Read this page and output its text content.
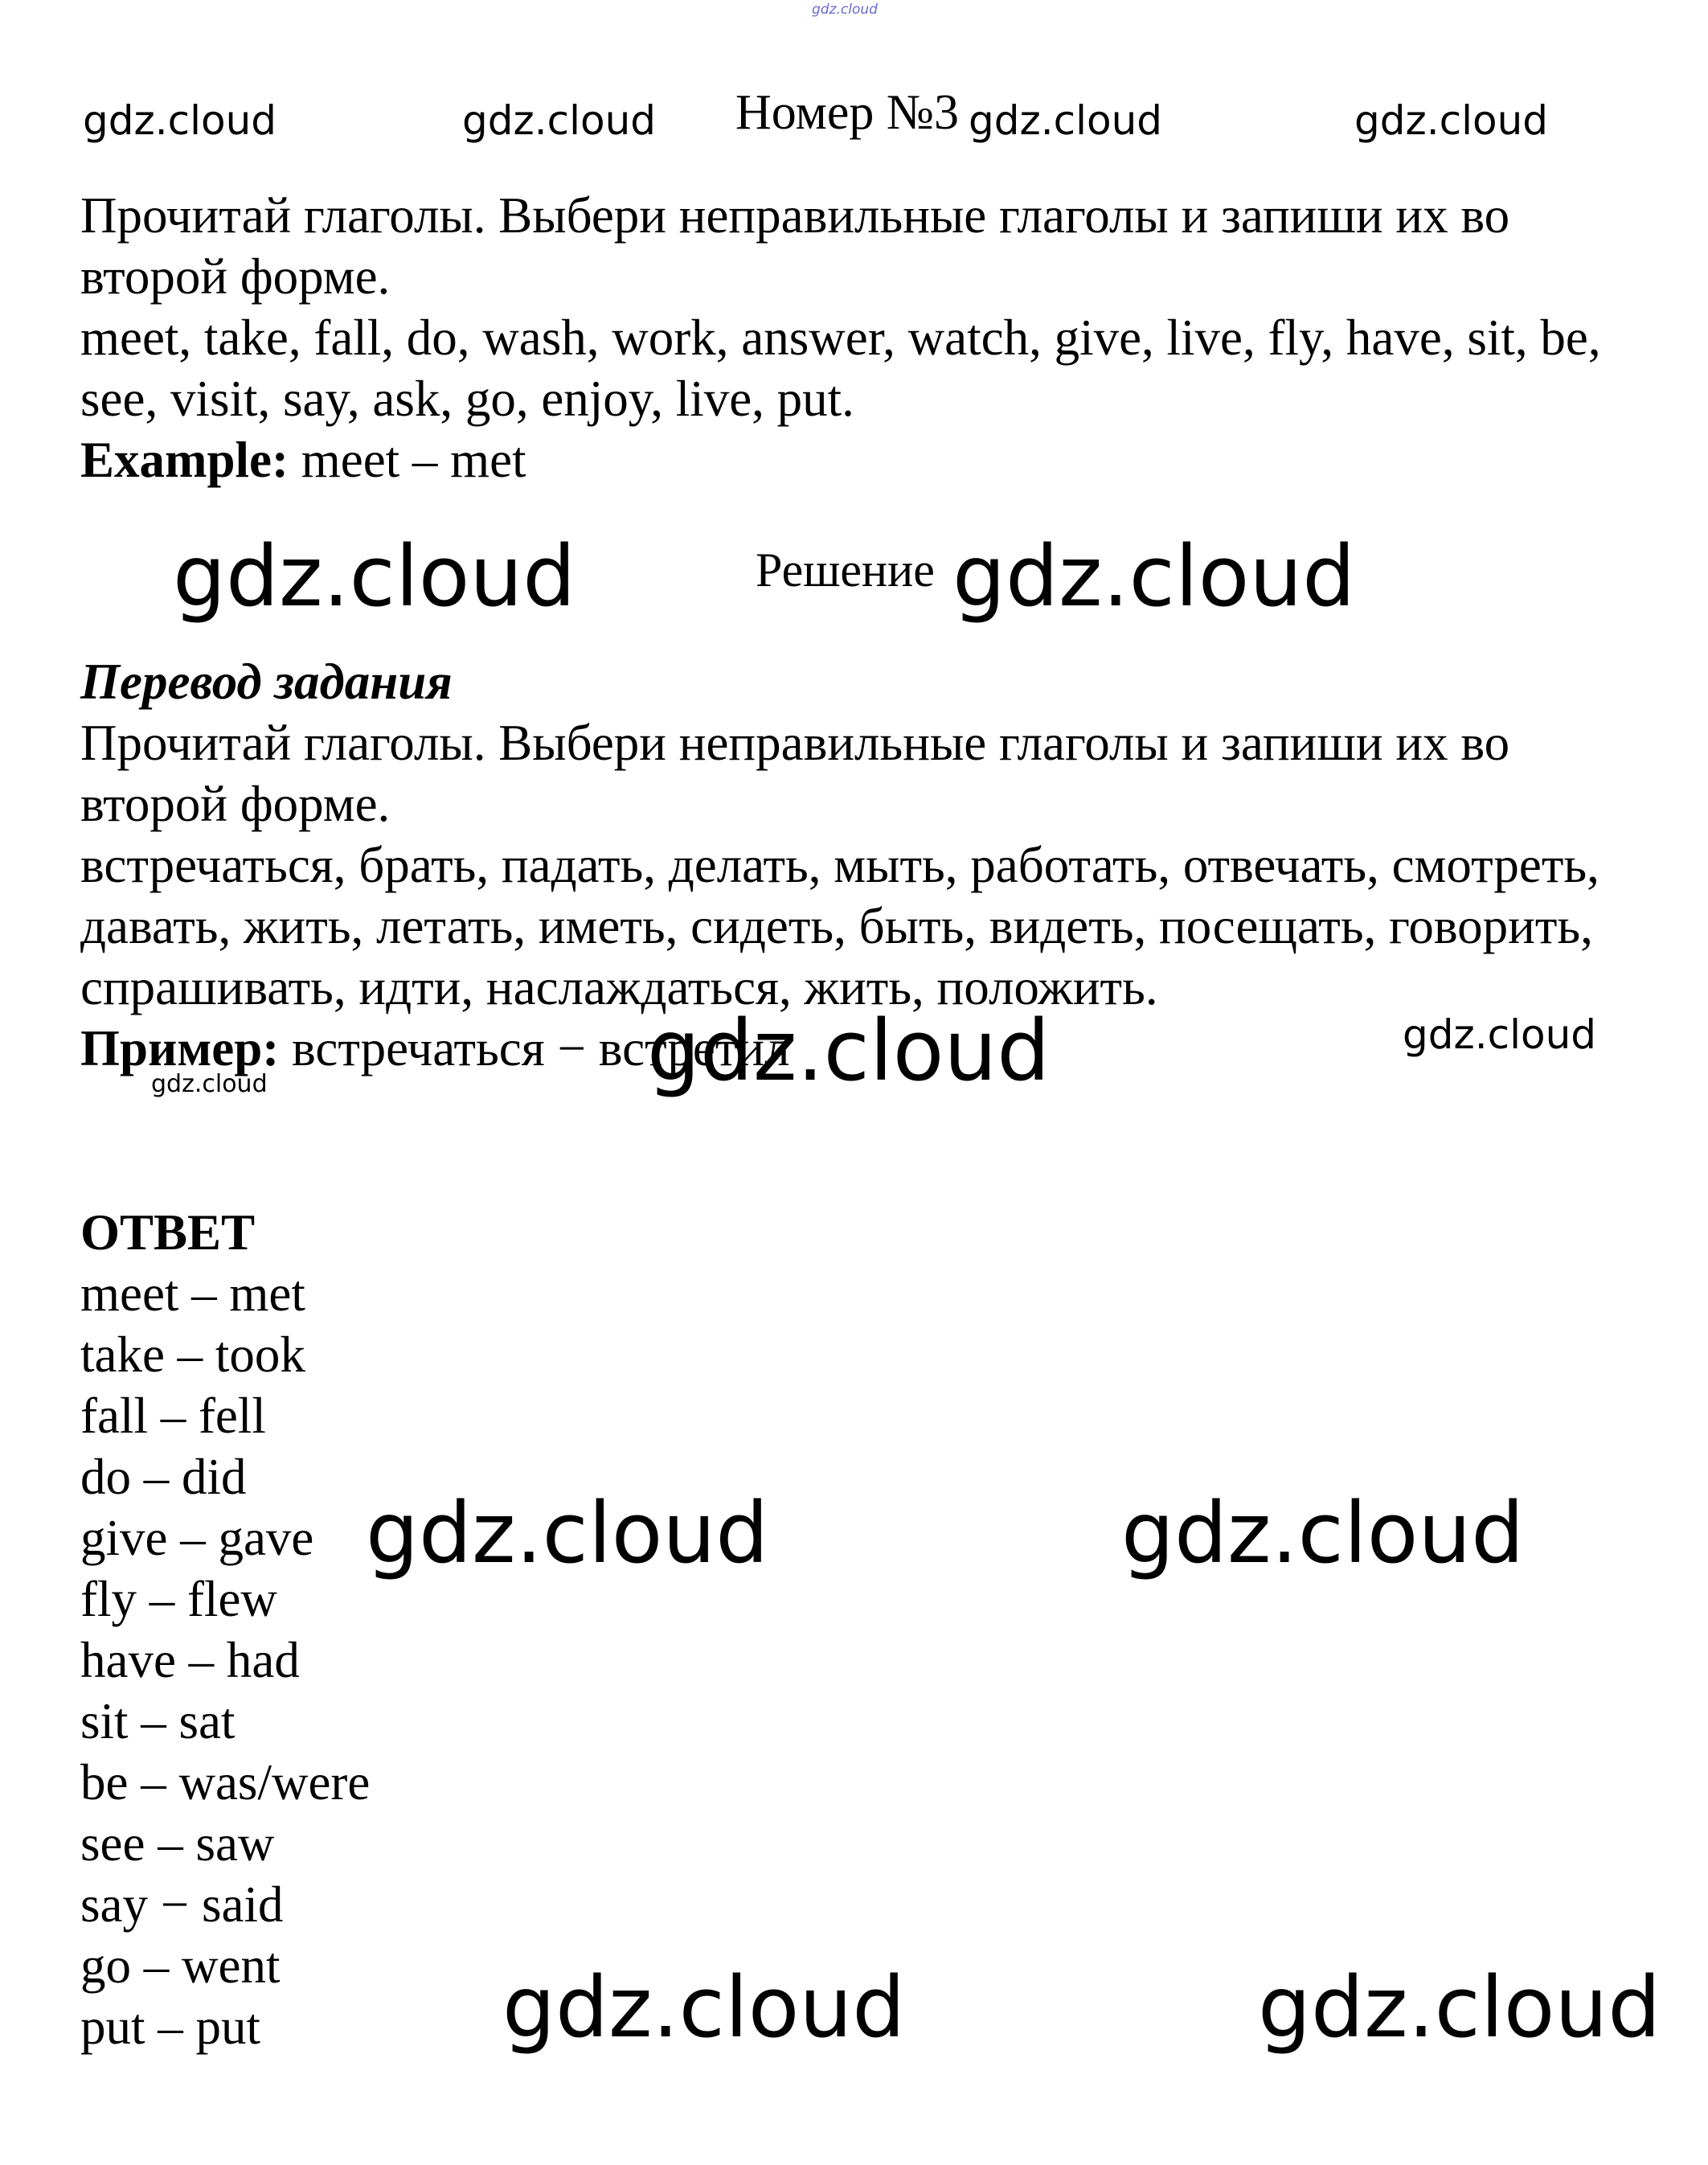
gdz.cloud
gdz.cloud	gdz.cloud Номер №3 gdz.cloud	gdz.cloud

Прочитай глаголы. Выбери неправильные глаголы и запиши их во второй форме.

meet, take, fall, do, wash, work, answer, watch, give, live, fly, have, sit, be, see, visit, say, ask, go, enjoy, live, put.

Example: meet – met

gdz.cloud	Решение gdz.cloud

Перевод задания

Прочитай глаголы. Выбери неправильные глаголы и запиши их во второй форме.

встречаться, брать, падать, делать, мыть, работать, отвечать, смотреть, давать, жить, летать, иметь, сидеть, быть, видеть, посещать, говорить, спрашивать, идти, наслаждаться, жить, положить.

Пример: встречаться − встретил

gdz.cloud	gdz.cloud
gdz.cloud

ОТВЕТ

meet – met
take – took
fall – fell
do – did
give – gave
fly – flew
have – had
sit – sat
be – was/were
see – saw
say − said
go – went
put – put
gdz.cloud	gdz.cloud
gdz.cloud	gdz.cloud
